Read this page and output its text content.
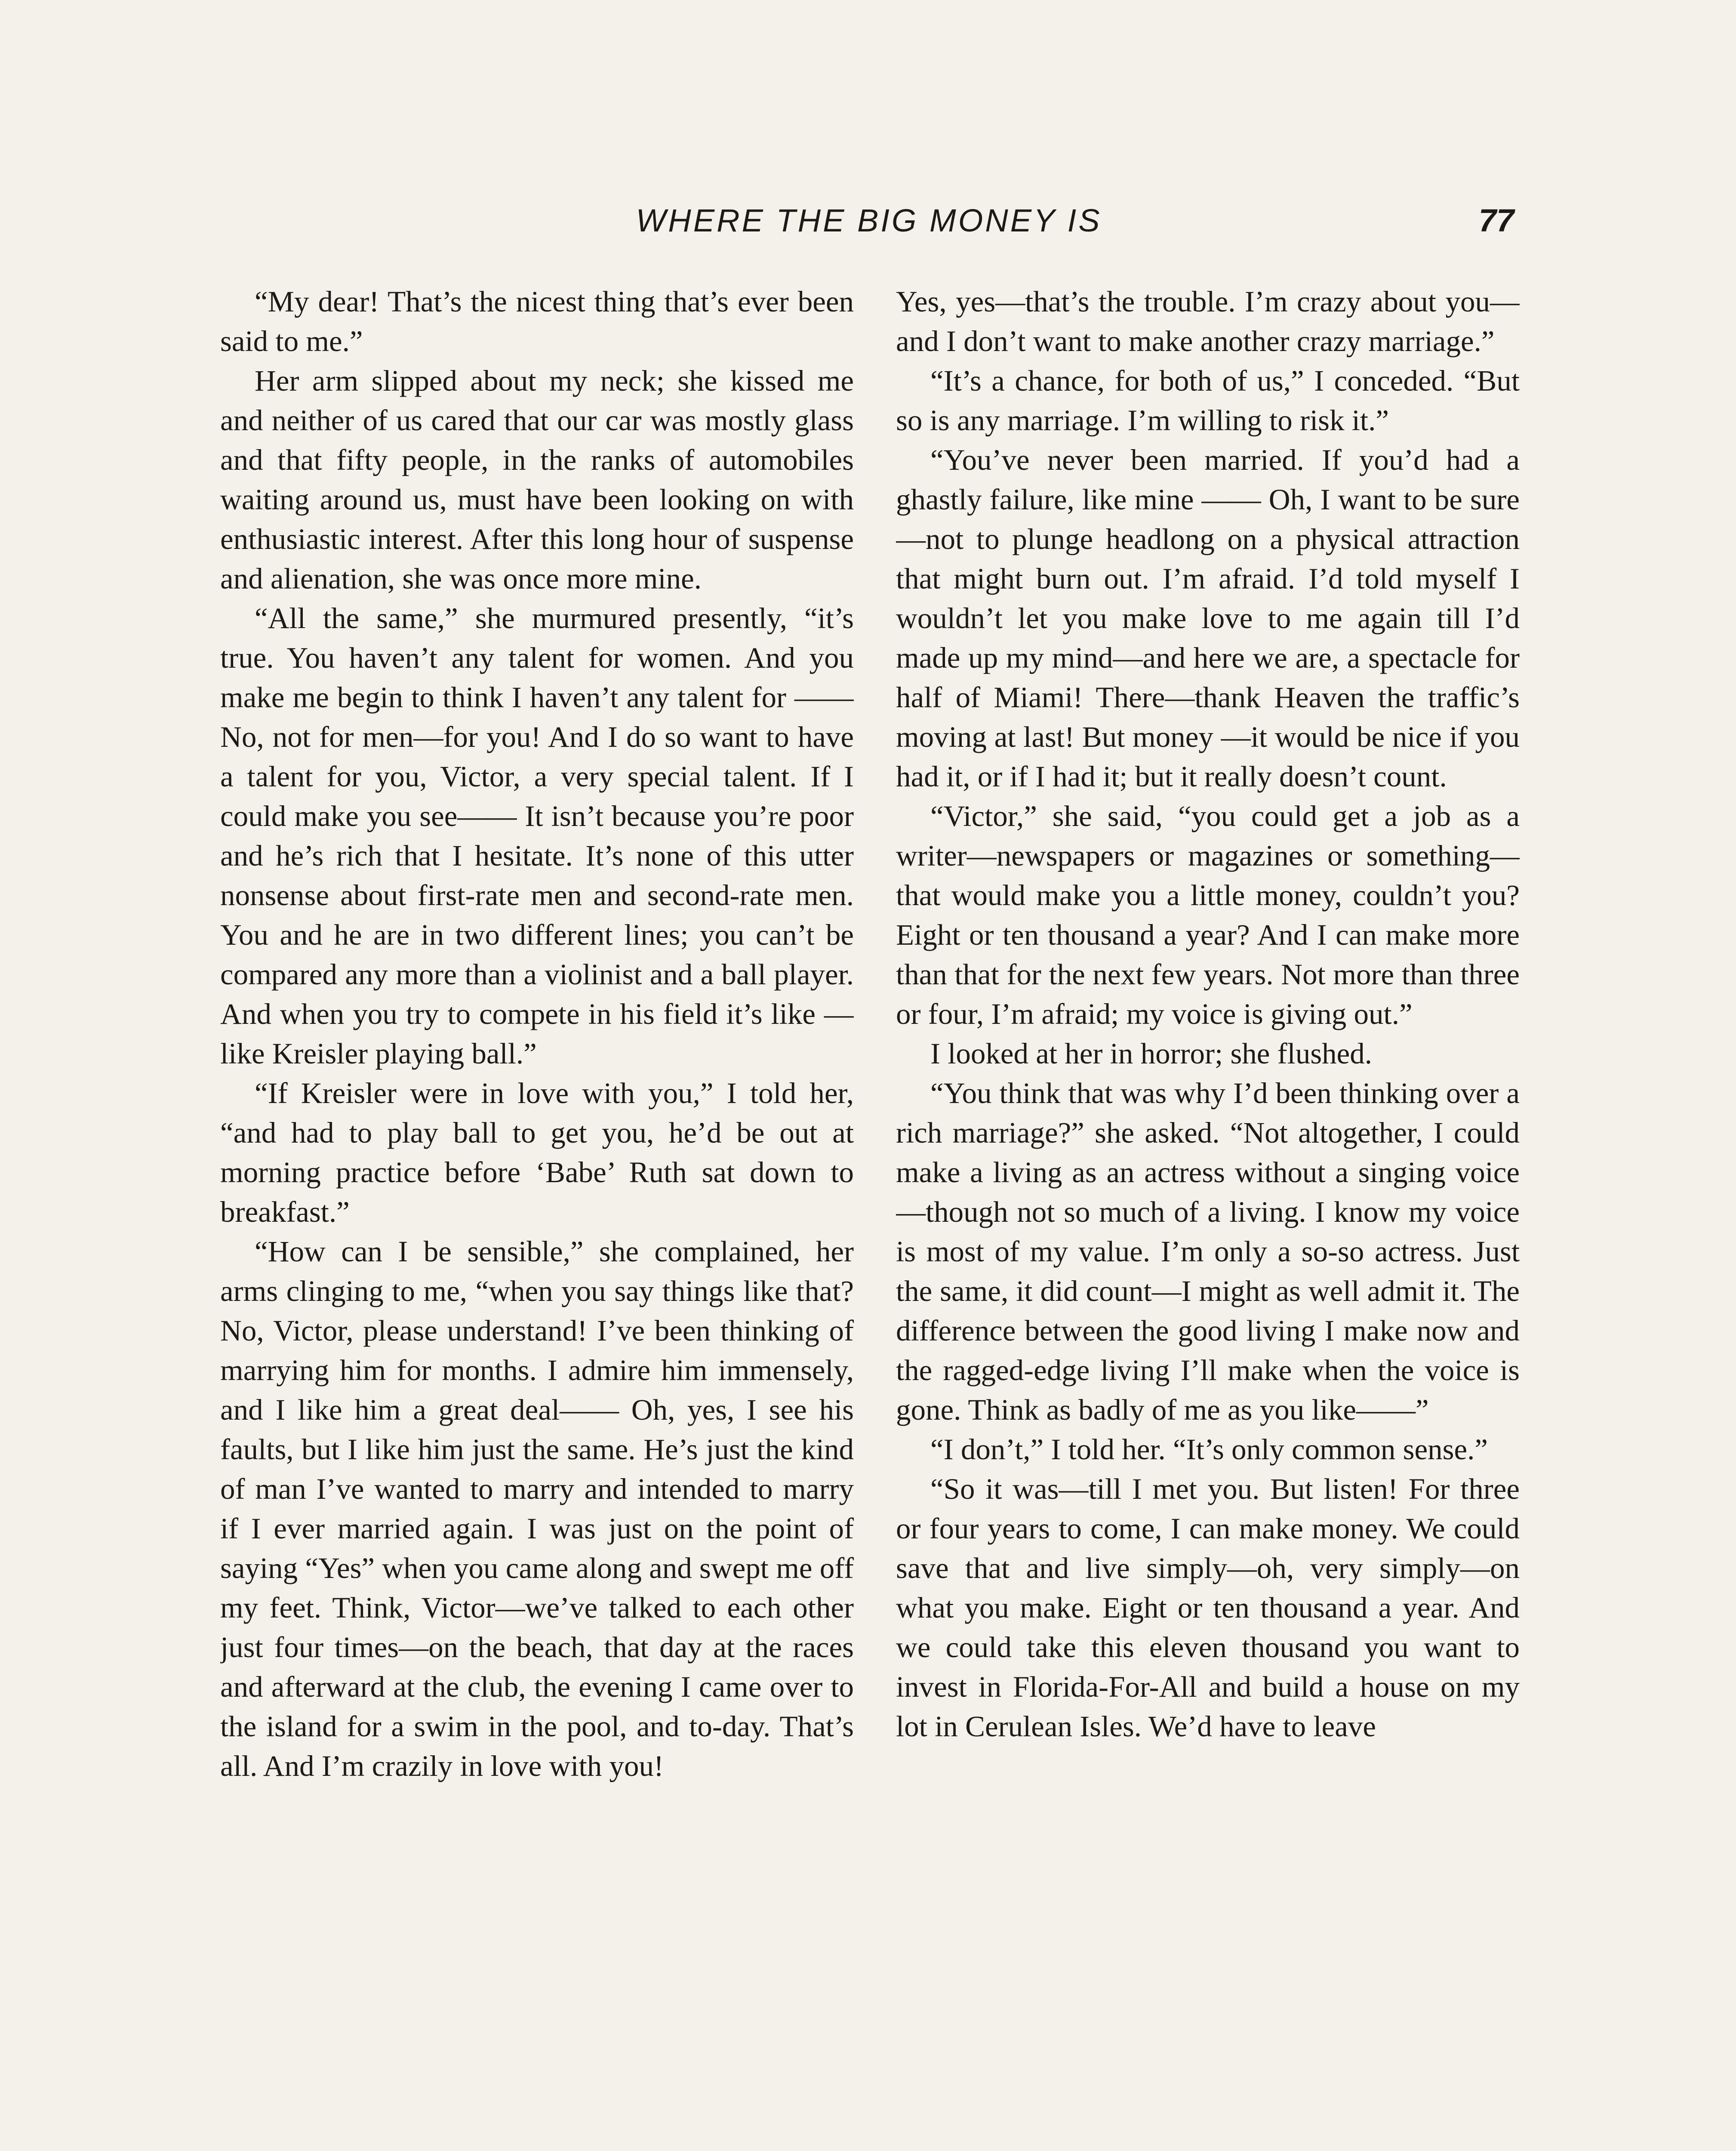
WHERE THE BIG MONEY IS	77

“My dear! That’s the nicest thing that’s ever been said to me.”

Her arm slipped about my neck; she kissed me and neither of us cared that our car was mostly glass and that fifty people, in the ranks of automobiles waiting around us, must have been looking on with enthusiastic interest. After this long hour of suspense and alienation, she was once more mine.

“All the same,” she murmured presently, “it’s true. You haven’t any talent for women. And you make me begin to think I haven’t any talent for —— No, not for men—for you! And I do so want to have a talent for you, Victor, a very special talent. If I could make you see—— It isn’t because you’re poor and he’s rich that I hesitate. It’s none of this utter nonsense about first-rate men and second-rate men. You and he are in two different lines; you can’t be compared any more than a violinist and a ball player. And when you try to compete in his field it’s like —like Kreisler playing ball.”

“If Kreisler were in love with you,” I told her, “and had to play ball to get you, he’d be out at morning practice before ‘Babe’ Ruth sat down to breakfast.”

“How can I be sensible,” she complained, her arms clinging to me, “when you say things like that? No, Victor, please understand! I’ve been thinking of marrying him for months. I admire him immensely, and I like him a great deal—— Oh, yes, I see his faults, but I like him just the same. He’s just the kind of man I’ve wanted to marry and intended to marry if I ever married again. I was just on the point of saying “Yes” when you came along and swept me off my feet. Think, Victor—we’ve talked to each other just four times—on the beach, that day at the races and afterward at the club, the evening I came over to the island for a swim in the pool, and to-day. That’s all. And I’m crazily in love with you!

Yes, yes—that’s the trouble. I’m crazy about you—and I don’t want to make another crazy marriage.”

“It’s a chance, for both of us,” I conceded. “But so is any marriage. I’m willing to risk it.”

“You’ve never been married. If you’d had a ghastly failure, like mine —— Oh, I want to be sure—not to plunge headlong on a physical attraction that might burn out. I’m afraid. I’d told myself I wouldn’t let you make love to me again till I’d made up my mind—and here we are, a spectacle for half of Miami! There—thank Heaven the traffic’s moving at last! But money —it would be nice if you had it, or if I had it; but it really doesn’t count.

“Victor,” she said, “you could get a job as a writer—newspapers or magazines or something—that would make you a little money, couldn’t you? Eight or ten thousand a year? And I can make more than that for the next few years. Not more than three or four, I’m afraid; my voice is giving out.”

I looked at her in horror; she flushed.

“You think that was why I’d been thinking over a rich marriage?” she asked. “Not altogether, I could make a living as an actress without a singing voice—though not so much of a living. I know my voice is most of my value. I’m only a so-so actress. Just the same, it did count—I might as well admit it. The difference between the good living I make now and the ragged-edge living I’ll make when the voice is gone. Think as badly of me as you like——”

“I don’t,” I told her. “It’s only common sense.”

“So it was—till I met you. But listen! For three or four years to come, I can make money. We could save that and live simply—oh, very simply—on what you make. Eight or ten thousand a year. And we could take this eleven thousand you want to invest in Florida-For-All and build a house on my lot in Cerulean Isles. We’d have to leave
